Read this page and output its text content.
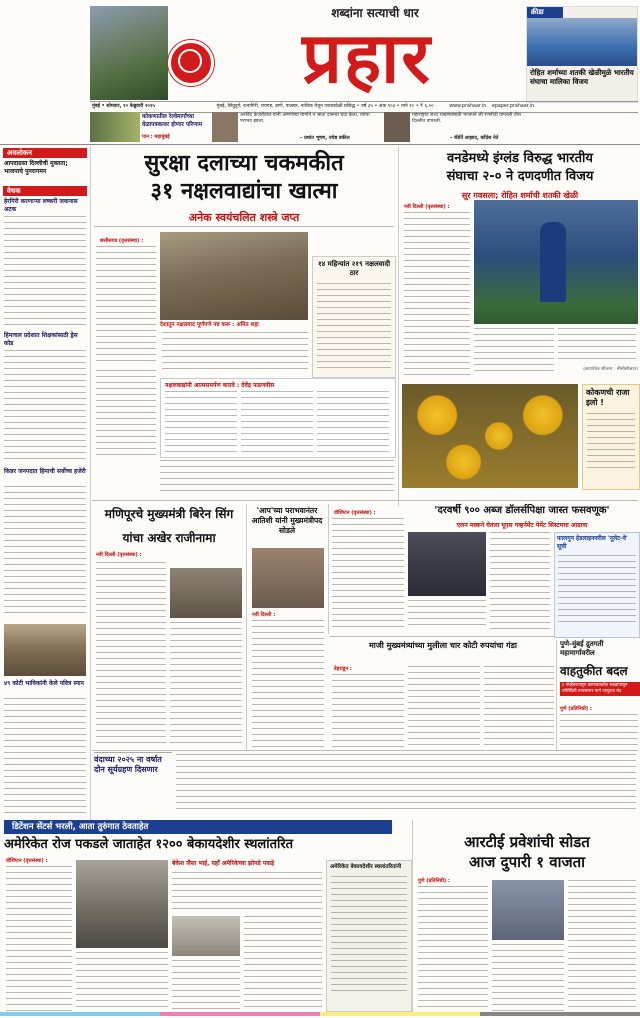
शब्दांना सत्याची धार
प्रहार
क्रीडा
रोहित शर्माच्या शतकी खेळीमुळे भारतीय संघाचा मालिका विजय
मुंबई • सोमवार, १० फेब्रुवारी २०२५	मुंबई, सिंधुदुर्ग, रत्नागिरी, रायगड, ठाणे, पालघर, नाशिक येथून एकाचवेळी प्रसिद्ध • वर्ष ३५ • अंक ९०३ • पाने १० • ₹ ६.००	www.prahaar.in epaper.prahaar.in
कोकणातील रेल्वेमार्गाच्या वेळापत्रकावर होणार परिणाम
पान : महामुंबई
अरविंद केजरीवाल यांनी अण्णांच्या मार्गाने न जाता दारूचा धंदा केला, त्यांचा पराभव झाला.
– प्रशांत भूषण, ज्येष्ठ वकील
महाराष्ट्रात सत्ता राखण्यासाठी भाजपने जी रणनीती वापरली तीच दिल्लीत वापरली.
– कीर्ति आझाद, काँग्रेस नेते
अवलोकन
आपदाग्रस्त दिल्लीची मुक्तता; भाजपाचे पुनरागमन
वेधक
हेरगिरी करणाऱ्या लष्करी जवानास अटक
हिमाचल प्रदेशात शिक्षकांसाठी ड्रेस कोड
किन्नर जनपदात हिमाची सर्वोच्च हजेरी
४९ कोटी भाविकांनी केले पवित्र स्नान
सुरक्षा दलाच्या चकमकीत
३१ नक्षलवाद्यांचा खात्मा
अनेक स्वयंचलित शस्त्रे जप्त
छत्तीसगड (वृत्तसंस्था) :
देशातून नक्षलवाद पूर्णपणे नष्ट करू : अमित शहा
१४ महिन्यांत २१९ नक्षलवादी ठार
नक्षलवाद्यांनी आत्मसमर्पण करावे : देवेंद्र फडणवीस
वनडेमध्ये इंग्लंड विरुद्ध भारतीय
संघाचा २-० ने दणदणीत विजय
सूर गवसला; रोहित शर्माची शतकी खेळी
नवी दिल्ली (वृत्तसंस्था) :
(छायाचित्र सौजन्य : बीसीसीआय)
कोकणची राजा इलो !
मणिपूरचे मुख्यमंत्री बिरेन सिंग
यांचा अखेर राजीनामा
नवी दिल्ली (वृत्तसंस्था) :
'आप'च्या पराभवानंतर आतिशी यांनी मुख्यमंत्रीपद सोडले
नवी दिल्ली :
वॉशिंग्टन (वृत्तसंस्था) :	'दरवर्षी ९०० अब्ज डॉलर्सपिक्षा जास्त फसवणूक'
एलन मस्कने घेतला यूएस गव्हर्नमेंट पेमेंट सिस्टमचा आढावा
फालगुन हेडलाइनवरील 'नूलेट-वे' सूची
माजी मुख्यमंत्र्यांच्या मुलीला चार कोटी रुपयांचा गंडा
डेहराडून :
पुणे-मुंबई द्रुतगती महामार्गावरील
वाहतुकीत बदल
६ नोव्हेंबरपासून कामाबाबतीत स्थळांपासून परिस्थिती तपासणार मार्ग तात्पुरता बंद
पुणे (प्रतिनिधी) :
वंदाच्या २०२५ ना वर्षात दोन सूर्यग्रहण दिसणार
डिटेंशन सेंटर्स भरली, आता तुरुंगात ठेवताहेत
अमेरिकेत रोज पकडले जाताहेत १२०० बेकायदेशीर स्थलांतरित
वॉशिंग्टन (वृत्तसंस्था) :	बेकेश जैसा भाई, यहाँ अमेरिकेच्या झोपडे पकड़े	अमेरिकेत बेकायदेशीर स्थलांतरितांनी
आरटीई प्रवेशांची सोडत
आज दुपारी १ वाजता
पुणे (प्रतिनिधी) :
